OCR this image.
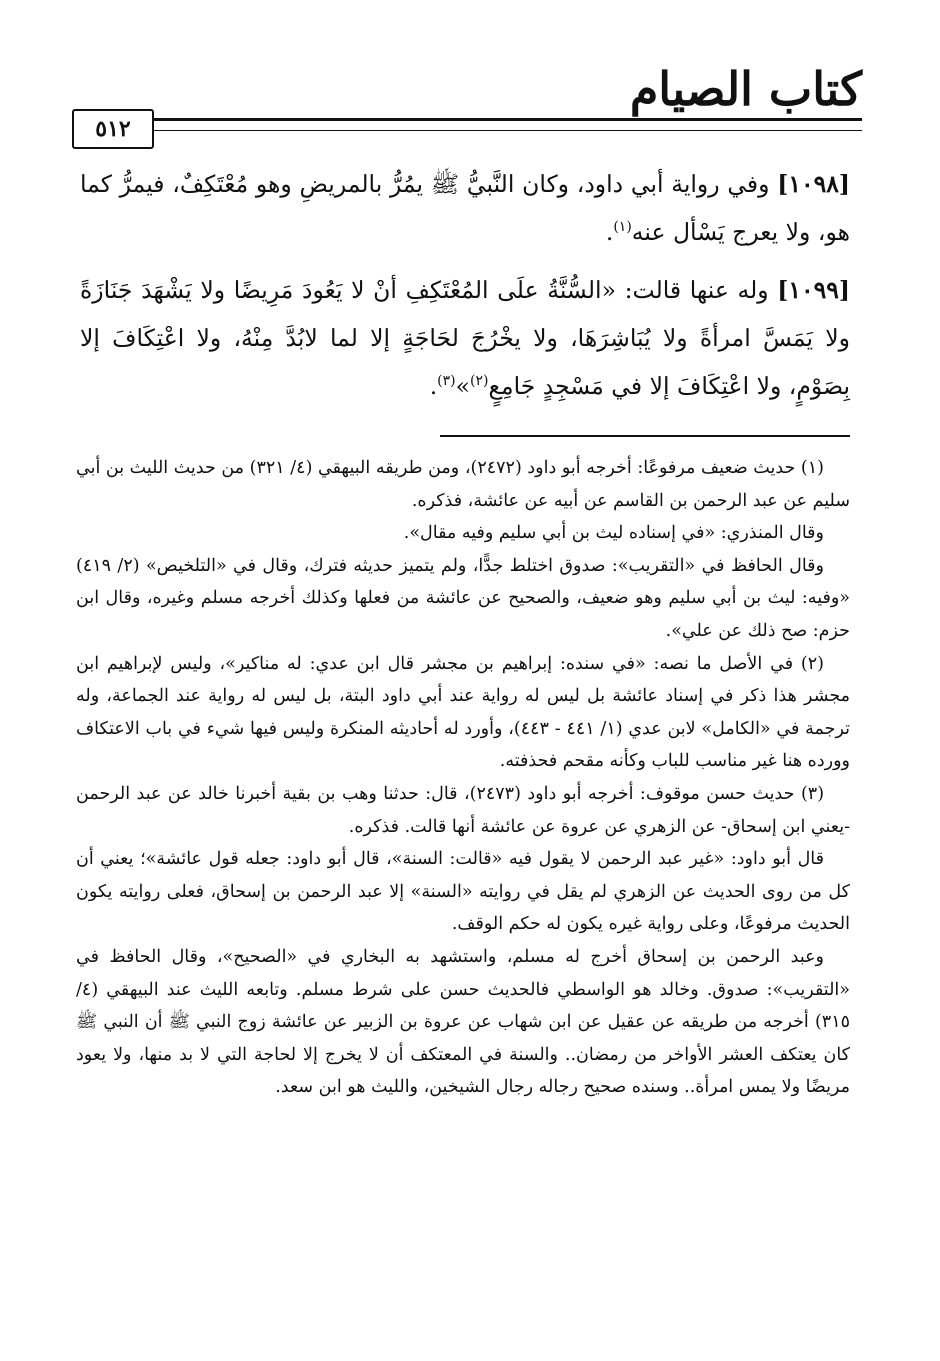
كتاب الصيام
٥١٢

[١٠٩٨] وفي رواية أبي داود، وكان النَّبيُّ ﷺ يمُرُّ بالمريضِ وهو مُعْتَكِفٌ، فيمرُّ كما هو، ولا يعرج يَسْأل عنه$^{(١)}$.

[١٠٩٩] وله عنها قالت: «السُّنَّةُ علَى المُعْتَكِفِ أنْ لا يَعُودَ مَرِيضًا ولا يَشْهَدَ جَنَازَةً ولا يَمَسَّ امرأةً ولا يُبَاشِرَهَا، ولا يخْرُجَ لحَاجَةٍ إلا لما لابُدَّ مِنْهُ، ولا اعْتِكَافَ إلا بِصَوْمٍ، ولا اعْتِكَافَ إلا في مَسْجِدٍ جَامِعٍ$^{(٢)}$»$^{(٣)}$.

(١) حديث ضعيف مرفوعًا: أخرجه أبو داود (٢٤٧٢)، ومن طريقه البيهقي (٤/ ٣٢١) من حديث الليث بن أبي سليم عن عبد الرحمن بن القاسم عن أبيه عن عائشة، فذكره.

وقال المنذري: «في إسناده ليث بن أبي سليم وفيه مقال».

وقال الحافظ في «التقريب»: صدوق اختلط جدًّا، ولم يتميز حديثه فترك، وقال في «التلخيص» (٢/ ٤١٩) «وفيه: ليث بن أبي سليم وهو ضعيف، والصحيح عن عائشة من فعلها وكذلك أخرجه مسلم وغيره، وقال ابن حزم: صح ذلك عن علي».

(٢) في الأصل ما نصه: «في سنده: إبراهيم بن مجشر قال ابن عدي: له مناكير»، وليس لإبراهيم ابن مجشر هذا ذكر في إسناد عائشة بل ليس له رواية عند أبي داود البتة، بل ليس له رواية عند الجماعة، وله ترجمة في «الكامل» لابن عدي (١/ ٤٤١ - ٤٤٣)، وأورد له أحاديثه المنكرة وليس فيها شيء في باب الاعتكاف وورده هنا غير مناسب للباب وكأنه مقحم فحذفته.

(٣) حديث حسن موقوف: أخرجه أبو داود (٢٤٧٣)، قال: حدثنا وهب بن بقية أخبرنا خالد عن عبد الرحمن -يعني ابن إسحاق- عن الزهري عن عروة عن عائشة أنها قالت. فذكره.

قال أبو داود: «غير عبد الرحمن لا يقول فيه «قالت: السنة»، قال أبو داود: جعله قول عائشة»؛ يعني أن كل من روى الحديث عن الزهري لم يقل في روايته «السنة» إلا عبد الرحمن بن إسحاق، فعلى روايته يكون الحديث مرفوعًا، وعلى رواية غيره يكون له حكم الوقف.

وعبد الرحمن بن إسحاق أخرج له مسلم، واستشهد به البخاري في «الصحيح»، وقال الحافظ في «التقريب»: صدوق. وخالد هو الواسطي فالحديث حسن على شرط مسلم. وتابعه الليث عند البيهقي (٤/ ٣١٥) أخرجه من طريقه عن عقيل عن ابن شهاب عن عروة بن الزبير عن عائشة زوج النبي ﷺ أن النبي ﷺ كان يعتكف العشر الأواخر من رمضان.. والسنة في المعتكف أن لا يخرج إلا لحاجة التي لا بد منها، ولا يعود مريضًا ولا يمس امرأة.. وسنده صحيح رجاله رجال الشيخين، والليث هو ابن سعد.
